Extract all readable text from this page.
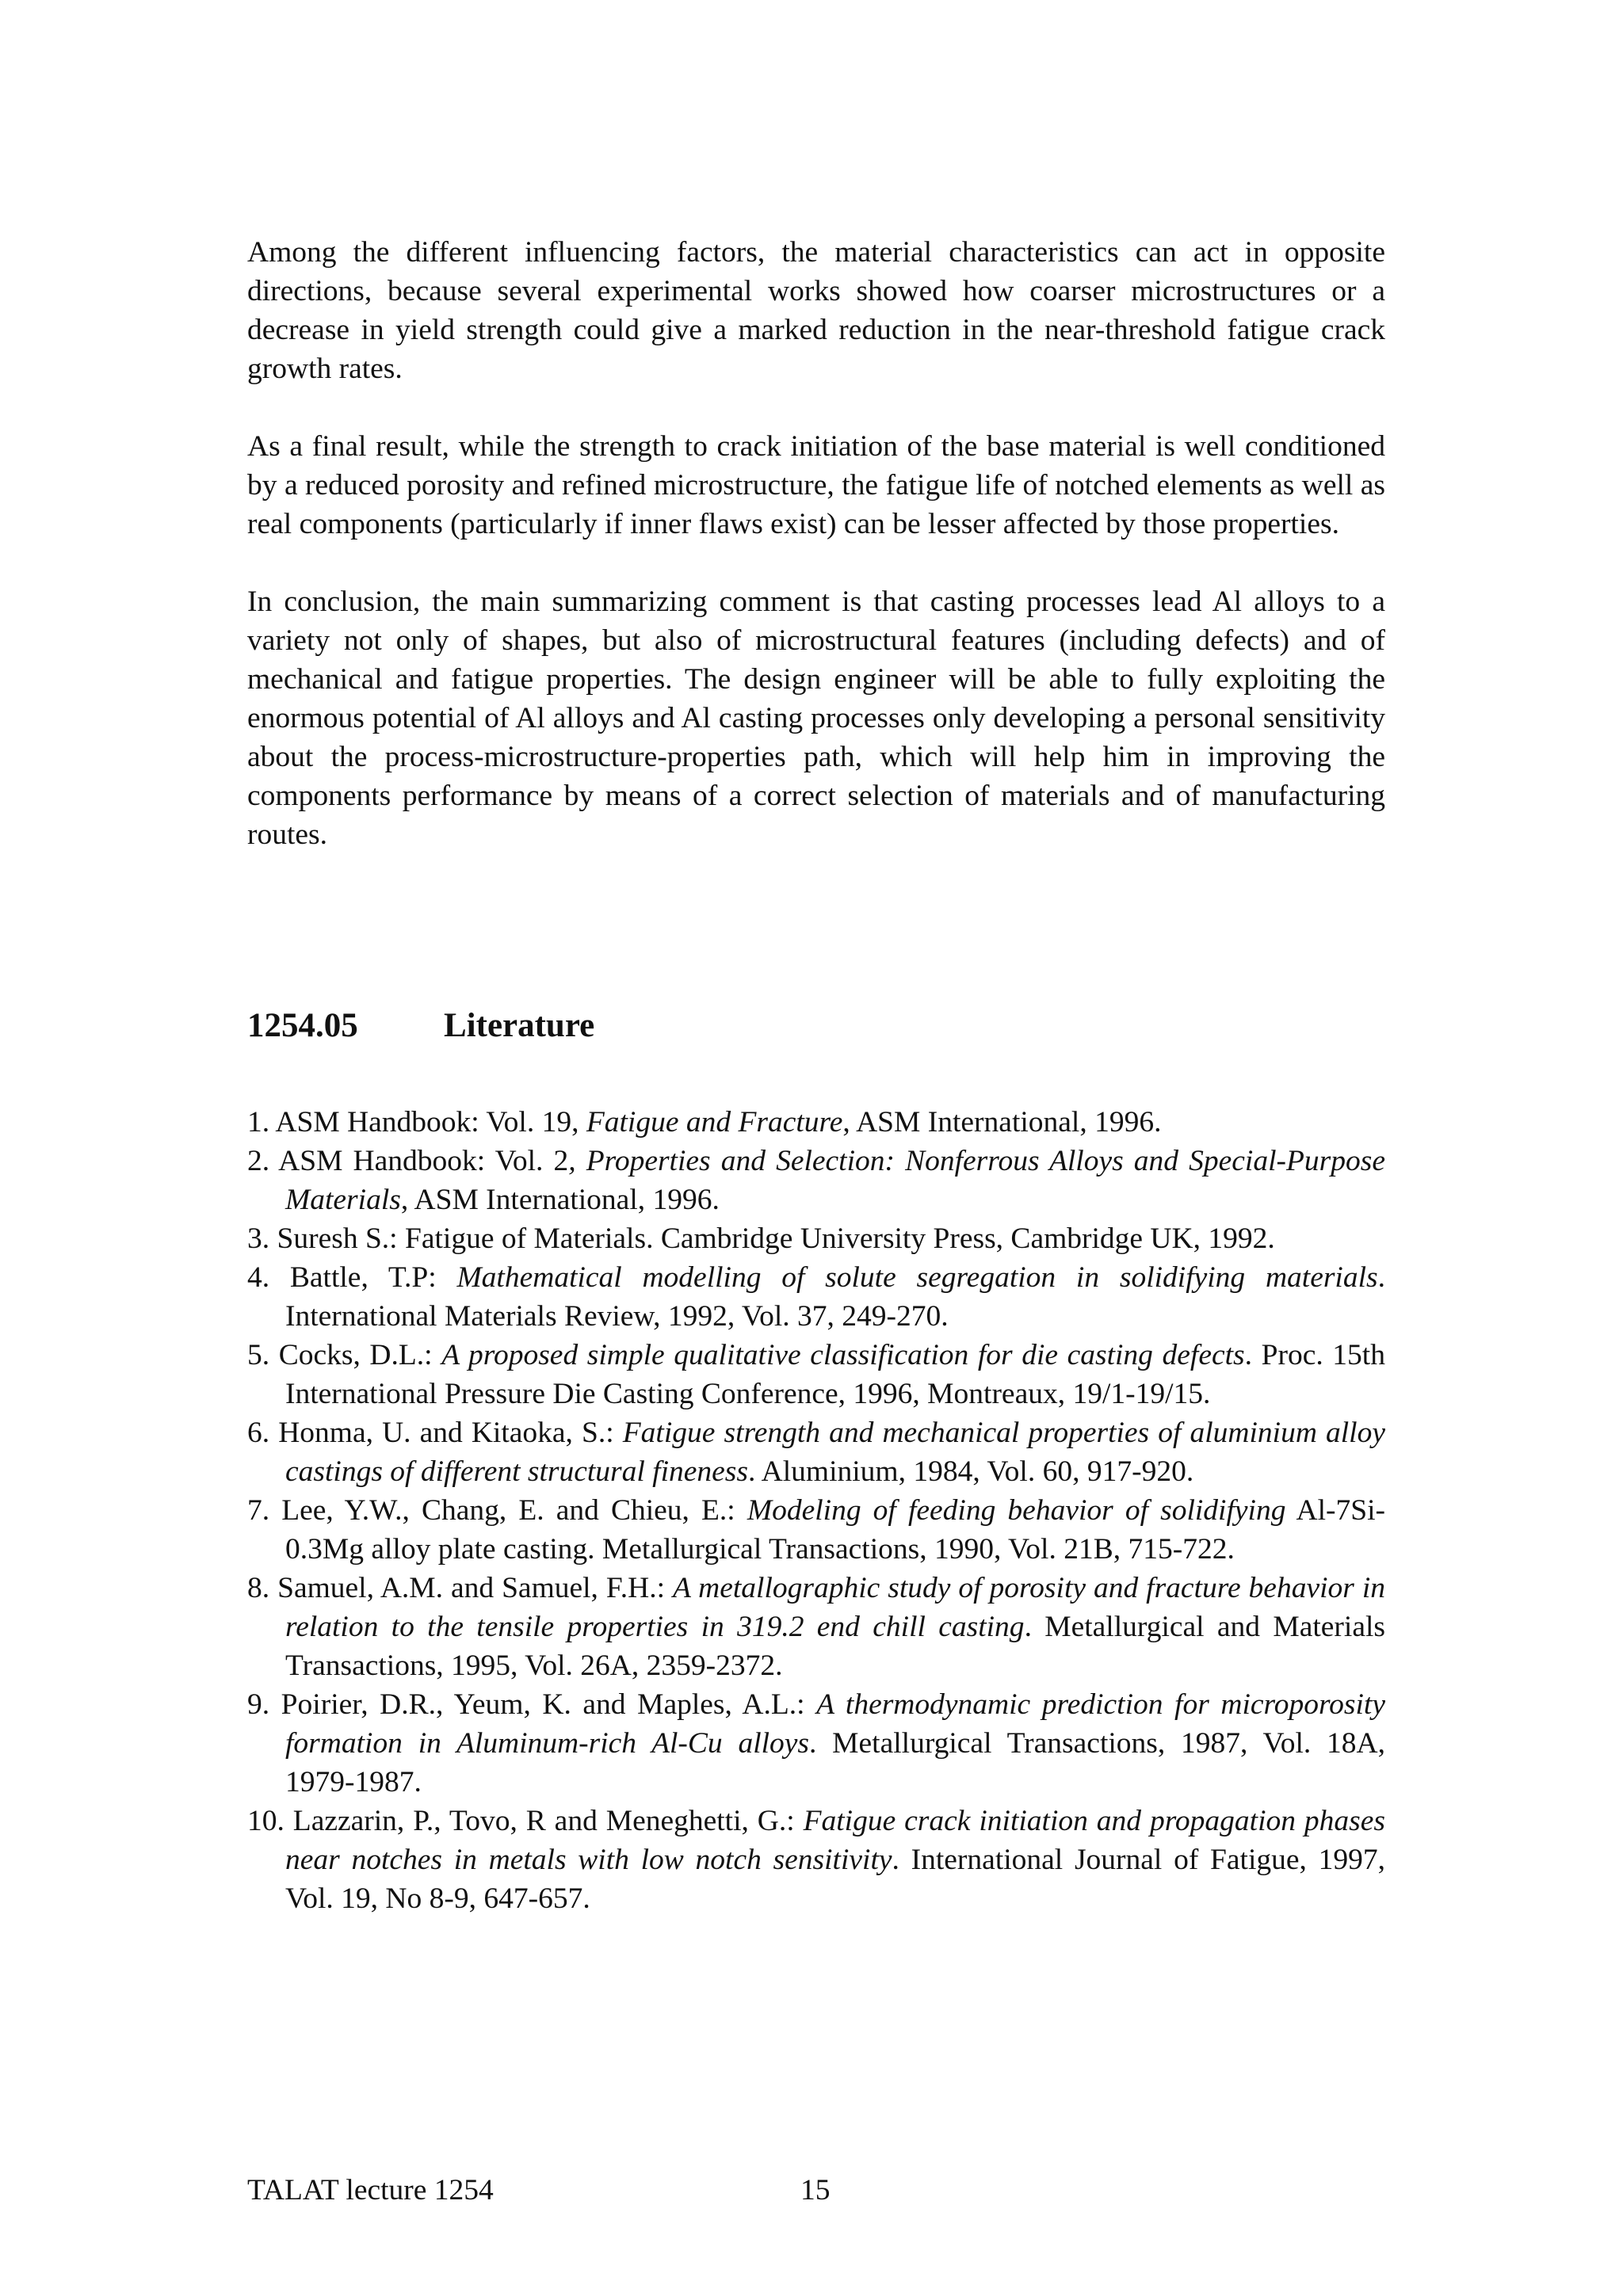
Among the different influencing factors, the material characteristics can act in opposite directions, because several experimental works showed how coarser microstructures or a decrease in yield strength could give a marked reduction in the near-threshold fatigue crack growth rates.

As a final result, while the strength to crack initiation of the base material is well conditioned by a reduced porosity and refined microstructure, the fatigue life of notched elements as well as real components (particularly if inner flaws exist) can be lesser affected by those properties.

In conclusion, the main summarizing comment is that casting processes lead Al alloys to a variety not only of shapes, but also of microstructural features (including defects) and of mechanical and fatigue properties. The design engineer will be able to fully exploiting the enormous potential of Al alloys and Al casting processes only developing a personal sensitivity about the process-microstructure-properties path, which will help him in improving the components performance by means of a correct selection of materials and of manufacturing routes.

1254.05	Literature
1. ASM Handbook: Vol. 19, Fatigue and Fracture, ASM International, 1996.
2. ASM Handbook: Vol. 2, Properties and Selection: Nonferrous Alloys and Special-Purpose Materials, ASM International, 1996.
3. Suresh S.: Fatigue of Materials. Cambridge University Press, Cambridge UK, 1992.
4. Battle, T.P: Mathematical modelling of solute segregation in solidifying materials. International Materials Review, 1992, Vol. 37, 249-270.
5. Cocks, D.L.: A proposed simple qualitative classification for die casting defects. Proc. 15th International Pressure Die Casting Conference, 1996, Montreaux, 19/1-19/15.
6. Honma, U. and Kitaoka, S.: Fatigue strength and mechanical properties of aluminium alloy castings of different structural fineness. Aluminium, 1984, Vol. 60, 917-920.
7. Lee, Y.W., Chang, E. and Chieu, E.: Modeling of feeding behavior of solidifying Al-7Si-0.3Mg alloy plate casting. Metallurgical Transactions, 1990, Vol. 21B, 715-722.
8. Samuel, A.M. and Samuel, F.H.: A metallographic study of porosity and fracture behavior in relation to the tensile properties in 319.2 end chill casting. Metallurgical and Materials Transactions, 1995, Vol. 26A, 2359-2372.
9. Poirier, D.R., Yeum, K. and Maples, A.L.: A thermodynamic prediction for microporosity formation in Aluminum-rich Al-Cu alloys. Metallurgical Transactions, 1987, Vol. 18A, 1979-1987.
10. Lazzarin, P., Tovo, R and Meneghetti, G.: Fatigue crack initiation and propagation phases near notches in metals with low notch sensitivity. International Journal of Fatigue, 1997, Vol. 19, No 8-9, 647-657.
TALAT lecture 1254	15
